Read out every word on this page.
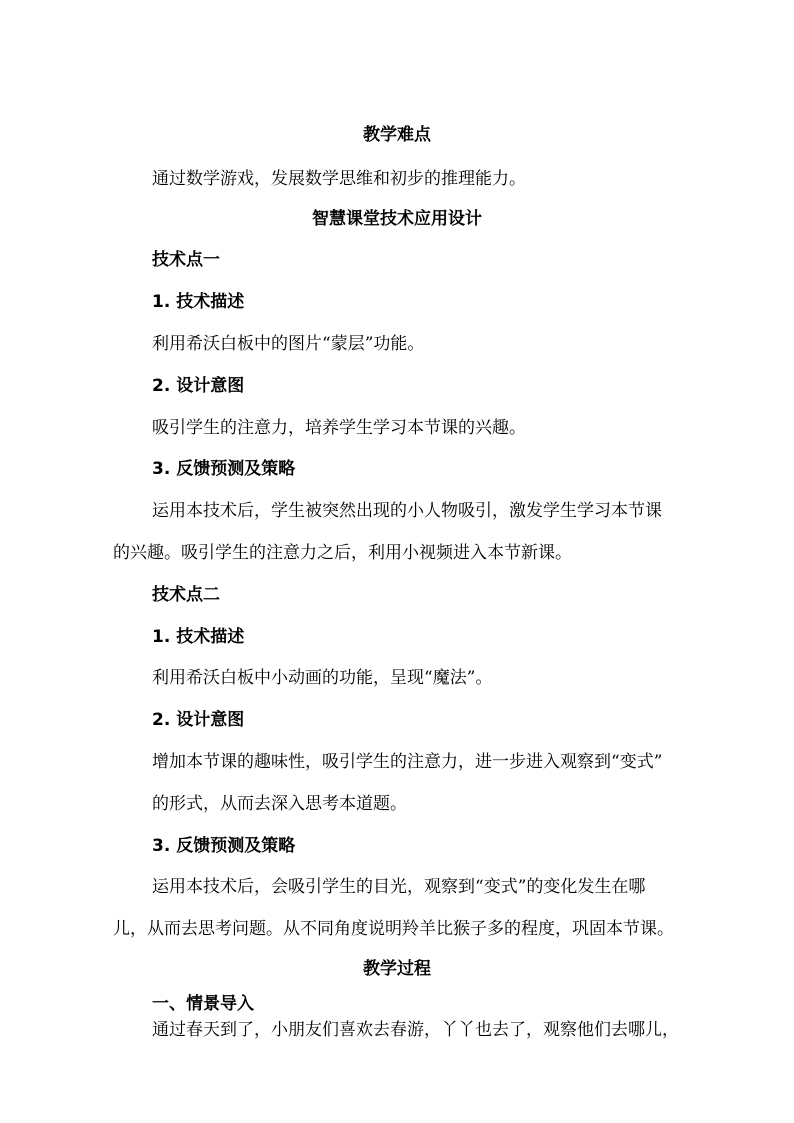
教学难点
通过数学游戏，发展数学思维和初步的推理能力。
智慧课堂技术应用设计
技术点一
1. 技术描述
利用希沃白板中的图片“蒙层”功能。
2. 设计意图
吸引学生的注意力，培养学生学习本节课的兴趣。
3. 反馈预测及策略
运用本技术后，学生被突然出现的小人物吸引，激发学生学习本节课
的兴趣。吸引学生的注意力之后，利用小视频进入本节新课。
技术点二
1. 技术描述
利用希沃白板中小动画的功能，呈现“魔法”。
2. 设计意图
增加本节课的趣味性，吸引学生的注意力，进一步进入观察到“变式”
的形式，从而去深入思考本道题。
3. 反馈预测及策略
运用本技术后，会吸引学生的目光，观察到“变式”的变化发生在哪
儿，从而去思考问题。从不同角度说明羚羊比猴子多的程度，巩固本节课。
教学过程
一、情景导入
通过春天到了，小朋友们喜欢去春游，丫丫也去了，观察他们去哪儿，
